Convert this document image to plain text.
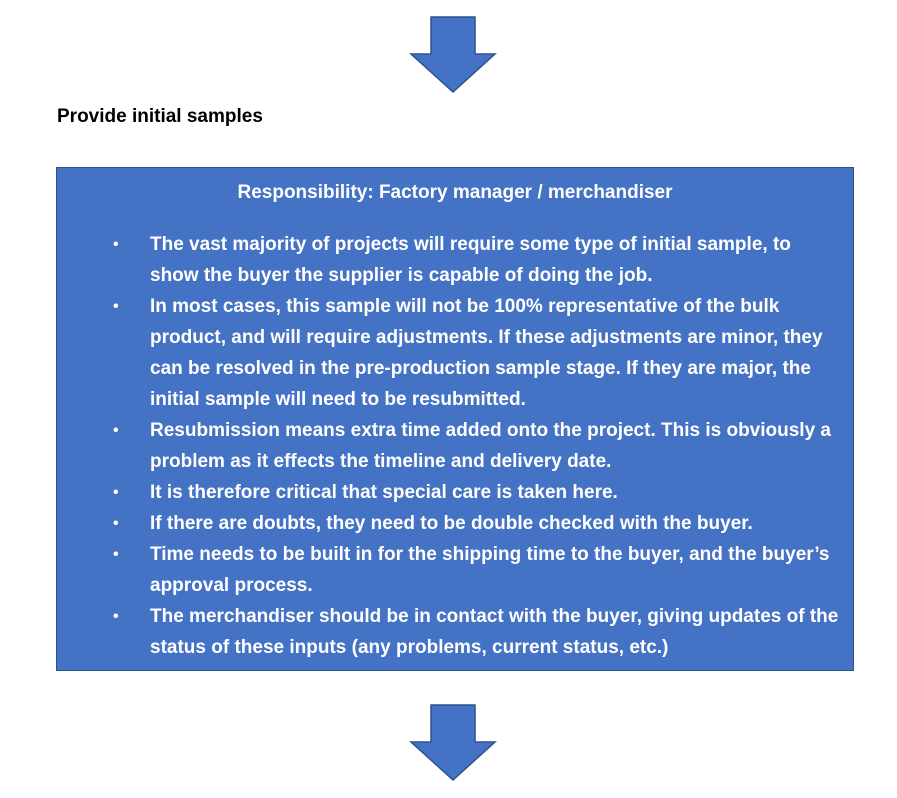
Provide initial samples
Responsibility: Factory manager / merchandiser
• The vast majority of projects will require some type of initial sample, to show the buyer the supplier is capable of doing the job.
• In most cases, this sample will not be 100% representative of the bulk product, and will require adjustments. If these adjustments are minor, they can be resolved in the pre-production sample stage. If they are major, the initial sample will need to be resubmitted.
• Resubmission means extra time added onto the project. This is obviously a problem as it effects the timeline and delivery date.
• It is therefore critical that special care is taken here.
• If there are doubts, they need to be double checked with the buyer.
• Time needs to be built in for the shipping time to the buyer, and the buyer’s approval process.
• The merchandiser should be in contact with the buyer, giving updates of the status of these inputs (any problems, current status, etc.)
